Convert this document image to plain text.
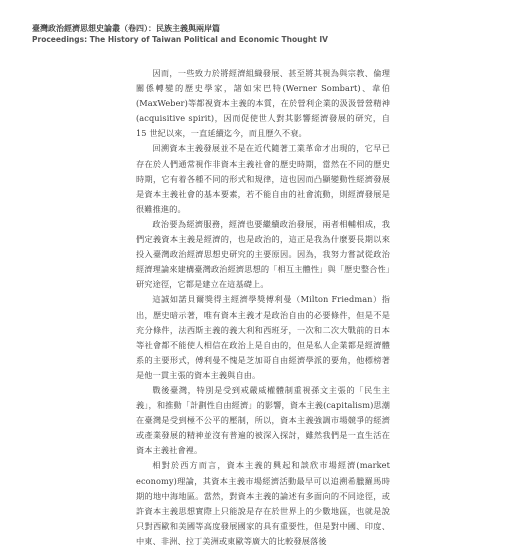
臺灣政治經濟思想史論叢（卷四）：民族主義與兩岸篇
Proceedings: The History of Taiwan Political and Economic Thought IV

因而，一些致力於將經濟組織發展、甚至將其視為與宗教、倫理關係轉變的歷史學家，諸如宋巴特(Werner Sombart)、韋伯(MaxWeber)等都視資本主義的本質，在於營利企業的汲汲營營精神(acquisitive spirit)，因而促使世人對其影響經濟發展的研究，自 15 世紀以來，一直延續迄今，而且歷久不衰。

回溯資本主義發展並不是在近代隨著工業革命才出現的，它早已存在於人們通常視作非資本主義社會的歷史時期，當然在不同的歷史時期，它有着各種不同的形式和規律，這也因而凸顯變動性經濟發展是資本主義社會的基本要素，若不能自由的社會流動，則經濟發展是很難推進的。

政治要為經濟服務，經濟也要繼續政治發展，兩者相輔相成，我們定義資本主義是經濟的，也是政治的，這正是我為什麼要長期以來投入臺灣政治經濟思想史研究的主要原因。因為，我努力嘗試從政治經濟理論來建構臺灣政治經濟思想的「相互主體性」與「歷史整合性」研究途徑，它都是建立在這基礎上。

這誠如諾貝爾獎得主經濟學獎傅利曼（Milton Friedman）指出，歷史暗示著，唯有資本主義才是政治自由的必要條件，但是不是充分條件，法西斯主義的義大利和西班牙，一次和二次大戰前的日本等社會都不能使人相信在政治上是自由的，但是私人企業都是經濟體系的主要形式，傅利曼不愧是芝加哥自由經濟學派的要角，他標榜著是他一貫主張的資本主義與自由。

戰後臺灣，特別是受到戒嚴威權體制重視孫文主張的「民生主義」，和推動「計劃性自由經濟」的影響，資本主義(capitalism)思潮在臺灣是受到極不公平的壓制，所以，資本主義強調市場競爭的經濟或產業發展的精神並沒有普遍的被深入探討，雖然我們是一直生活在資本主義社會裡。

相對於西方而言，資本主義的興起和談欣市場經濟(market economy)理論，其資本主義市場經濟活動最早可以追溯希臘羅馬時期的地中海地區。當然，對資本主義的論述有多面向的不同途徑，或許資本主義思想實際上只能說是存在於世界上的少數地區，也就是說只對西歐和美國等高度發展國家的具有重要性，但是對中國、印度、中東、非洲、拉丁美洲或東歐等廣大的比較發展落後
